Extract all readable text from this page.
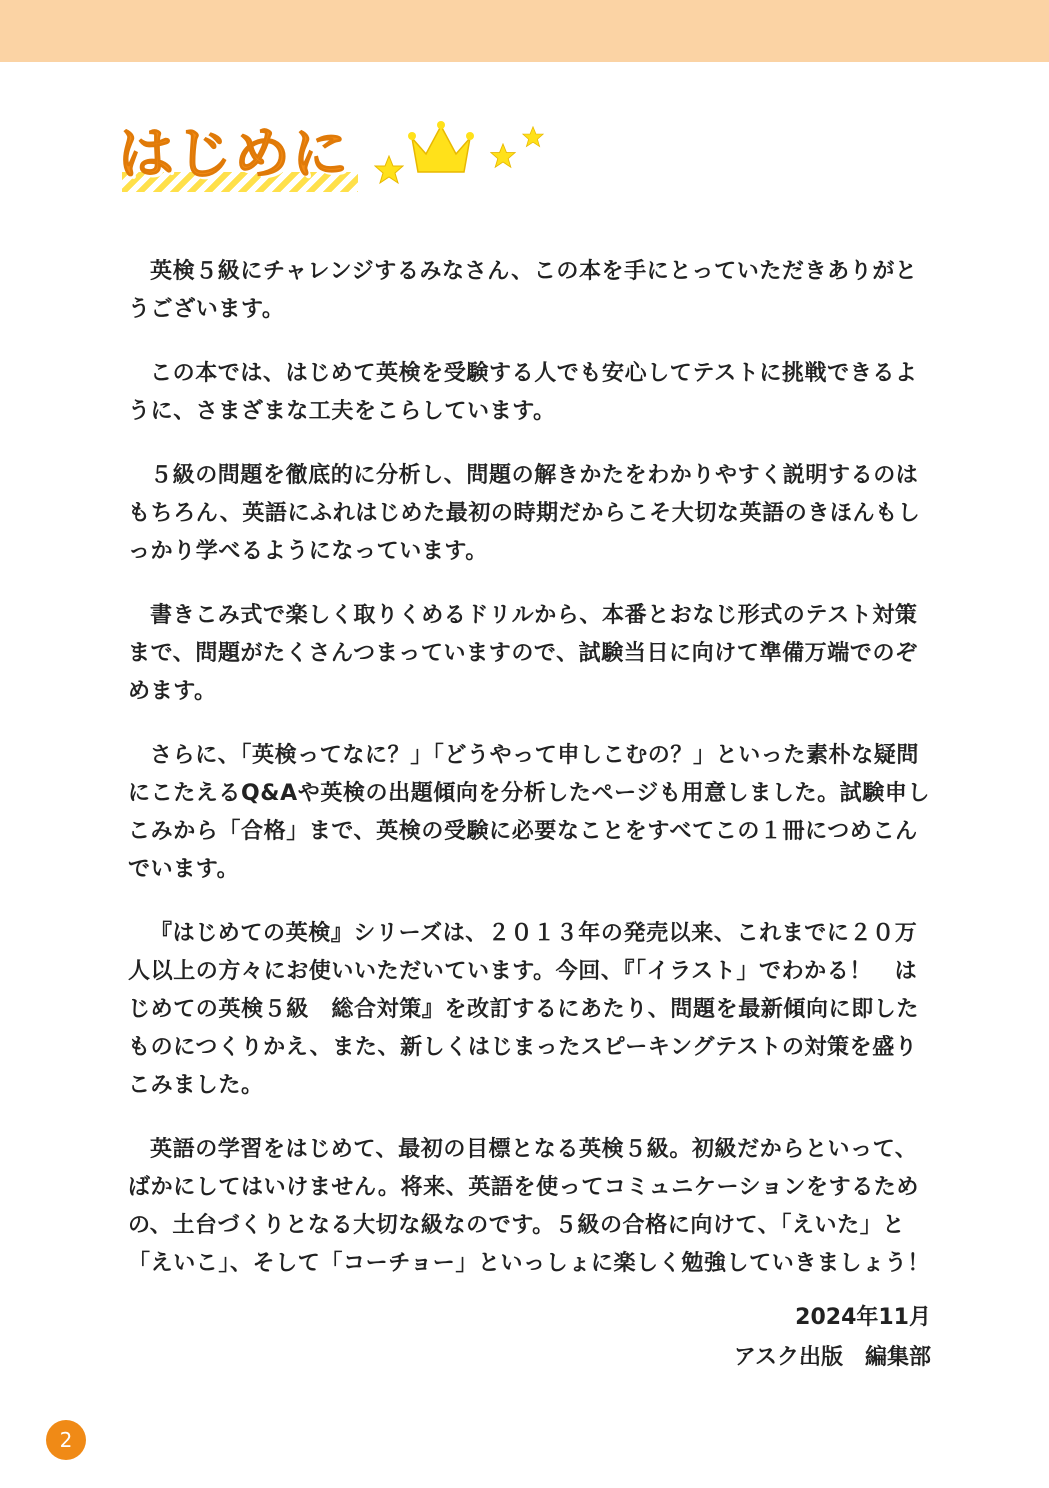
はじめに

英検５級にチャレンジするみなさん、この本を手にとっていただきありがとうございます。

この本では、はじめて英検を受験する人でも安心してテストに挑戦できるように、さまざまな工夫をこらしています。

５級の問題を徹底的に分析し、問題の解きかたをわかりやすく説明するのはもちろん、英語にふれはじめた最初の時期だからこそ大切な英語のきほんもしっかり学べるようになっています。

書きこみ式で楽しく取りくめるドリルから、本番とおなじ形式のテスト対策まで、問題がたくさんつまっていますので、試験当日に向けて準備万端でのぞめます。

さらに、「英検ってなに？」「どうやって申しこむの？」といった素朴な疑問にこたえるQ&Aや英検の出題傾向を分析したページも用意しました。試験申しこみから「合格」まで、英検の受験に必要なことをすべてこの１冊につめこんでいます。

『はじめての英検』シリーズは、２０１３年の発売以来、これまでに２０万人以上の方々にお使いいただいています。今回、『「イラスト」でわかる！　はじめての英検５級　総合対策』を改訂するにあたり、問題を最新傾向に即したものにつくりかえ、また、新しくはじまったスピーキングテストの対策を盛りこみました。

英語の学習をはじめて、最初の目標となる英検５級。初級だからといって、ばかにしてはいけません。将来、英語を使ってコミュニケーションをするための、土台づくりとなる大切な級なのです。５級の合格に向けて、「えいた」と「えいこ」、そして「コーチョー」といっしょに楽しく勉強していきましょう！

2024年11月
アスク出版　編集部
2
